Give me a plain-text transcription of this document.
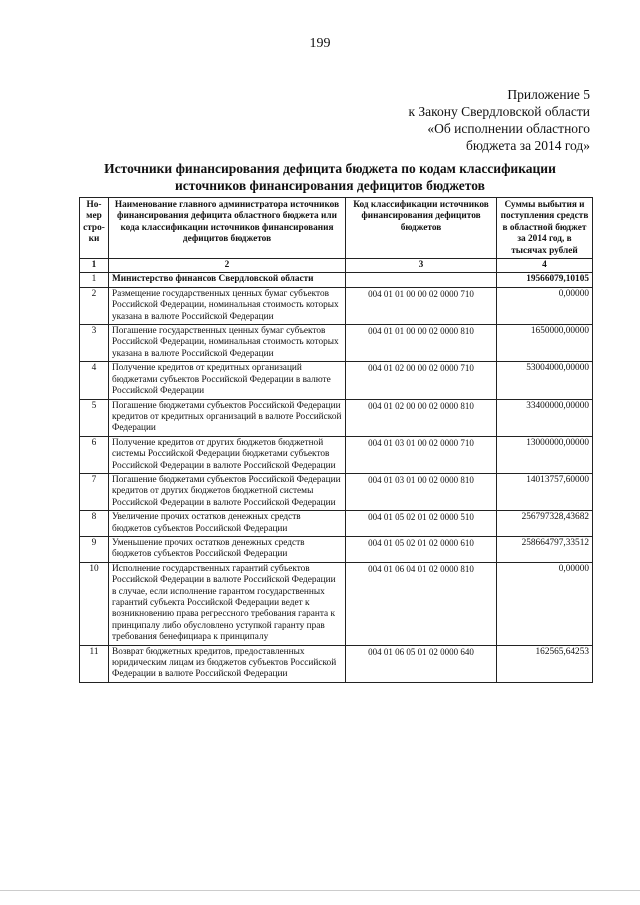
199
Приложение 5
к Закону Свердловской области
«Об исполнении областного
бюджета за 2014 год»
Источники финансирования дефицита бюджета по кодам классификации
источников финансирования дефицитов бюджетов
Но-мер стро-ки	Наименование главного администратора источников финансирования дефицита областного бюджета или кода классификации источников финансирования дефицитов бюджетов	Код классификации источников финансирования дефицитов бюджетов	Суммы выбытия и поступления средств в областной бюджет за 2014 год, в тысячах рублей
1	2	3	4
1	Министерство финансов Свердловской области		19566079,10105
2	Размещение государственных ценных бумаг субъектов Российской Федерации, номинальная стоимость которых указана в валюте Российской Федерации	004 01 01 00 00 02 0000 710	0,00000
3	Погашение государственных ценных бумаг субъектов Российской Федерации, номинальная стоимость которых указана в валюте Российской Федерации	004 01 01 00 00 02 0000 810	1650000,00000
4	Получение кредитов от кредитных организаций бюджетами субъектов Российской Федерации в валюте Российской Федерации	004 01 02 00 00 02 0000 710	53004000,00000
5	Погашение бюджетами субъектов Российской Федерации кредитов от кредитных организаций в валюте Российской Федерации	004 01 02 00 00 02 0000 810	33400000,00000
6	Получение кредитов от других бюджетов бюджетной системы Российской Федерации бюджетами субъектов Российской Федерации в валюте Российской Федерации	004 01 03 01 00 02 0000 710	13000000,00000
7	Погашение бюджетами субъектов Российской Федерации кредитов от других бюджетов бюджетной системы Российской Федерации в валюте Российской Федерации	004 01 03 01 00 02 0000 810	14013757,60000
8	Увеличение прочих остатков денежных средств бюджетов субъектов Российской Федерации	004 01 05 02 01 02 0000 510	256797328,43682
9	Уменьшение прочих остатков денежных средств бюджетов субъектов Российской Федерации	004 01 05 02 01 02 0000 610	258664797,33512
10	Исполнение государственных гарантий субъектов Российской Федерации в валюте Российской Федерации в случае, если исполнение гарантом государственных гарантий субъекта Российской Федерации ведет к возникновению права регрессного требования гаранта к принципалу либо обусловлено уступкой гаранту прав требования бенефициара к принципалу	004 01 06 04 01 02 0000 810	0,00000
11	Возврат бюджетных кредитов, предоставленных юридическим лицам из бюджетов субъектов Российской Федерации в валюте Российской Федерации	004 01 06 05 01 02 0000 640	162565,64253
